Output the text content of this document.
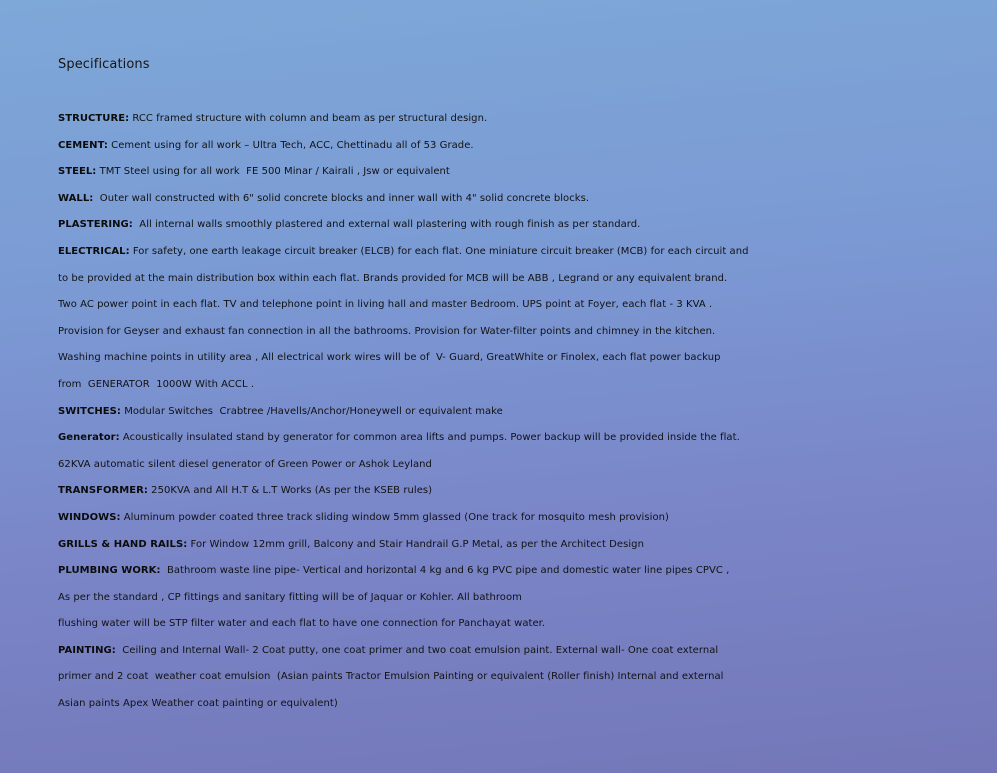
Specifications
STRUCTURE: RCC framed structure with column and beam as per structural design.
CEMENT: Cement using for all work – Ultra Tech, ACC, Chettinadu all of 53 Grade.
STEEL: TMT Steel using for all work  FE 500 Minar / Kairali , Jsw or equivalent
WALL:  Outer wall constructed with 6" solid concrete blocks and inner wall with 4" solid concrete blocks.
PLASTERING:  All internal walls smoothly plastered and external wall plastering with rough finish as per standard.
ELECTRICAL: For safety, one earth leakage circuit breaker (ELCB) for each flat. One miniature circuit breaker (MCB) for each circuit and
to be provided at the main distribution box within each flat. Brands provided for MCB will be ABB , Legrand or any equivalent brand.
Two AC power point in each flat. TV and telephone point in living hall and master Bedroom. UPS point at Foyer, each flat - 3 KVA .
Provision for Geyser and exhaust fan connection in all the bathrooms. Provision for Water-filter points and chimney in the kitchen.
Washing machine points in utility area , All electrical work wires will be of  V- Guard, GreatWhite or Finolex, each flat power backup
from  GENERATOR  1000W With ACCL .
SWITCHES: Modular Switches  Crabtree /Havells/Anchor/Honeywell or equivalent make
Generator: Acoustically insulated stand by generator for common area lifts and pumps. Power backup will be provided inside the flat.
62KVA automatic silent diesel generator of Green Power or Ashok Leyland
TRANSFORMER: 250KVA and All H.T & L.T Works (As per the KSEB rules)
WINDOWS: Aluminum powder coated three track sliding window 5mm glassed (One track for mosquito mesh provision)
GRILLS & HAND RAILS: For Window 12mm grill, Balcony and Stair Handrail G.P Metal, as per the Architect Design
PLUMBING WORK:  Bathroom waste line pipe- Vertical and horizontal 4 kg and 6 kg PVC pipe and domestic water line pipes CPVC ,
As per the standard , CP fittings and sanitary fitting will be of Jaquar or Kohler. All bathroom
flushing water will be STP filter water and each flat to have one connection for Panchayat water.
PAINTING:  Ceiling and Internal Wall- 2 Coat putty, one coat primer and two coat emulsion paint. External wall- One coat external
primer and 2 coat  weather coat emulsion  (Asian paints Tractor Emulsion Painting or equivalent (Roller finish) Internal and external
Asian paints Apex Weather coat painting or equivalent)
